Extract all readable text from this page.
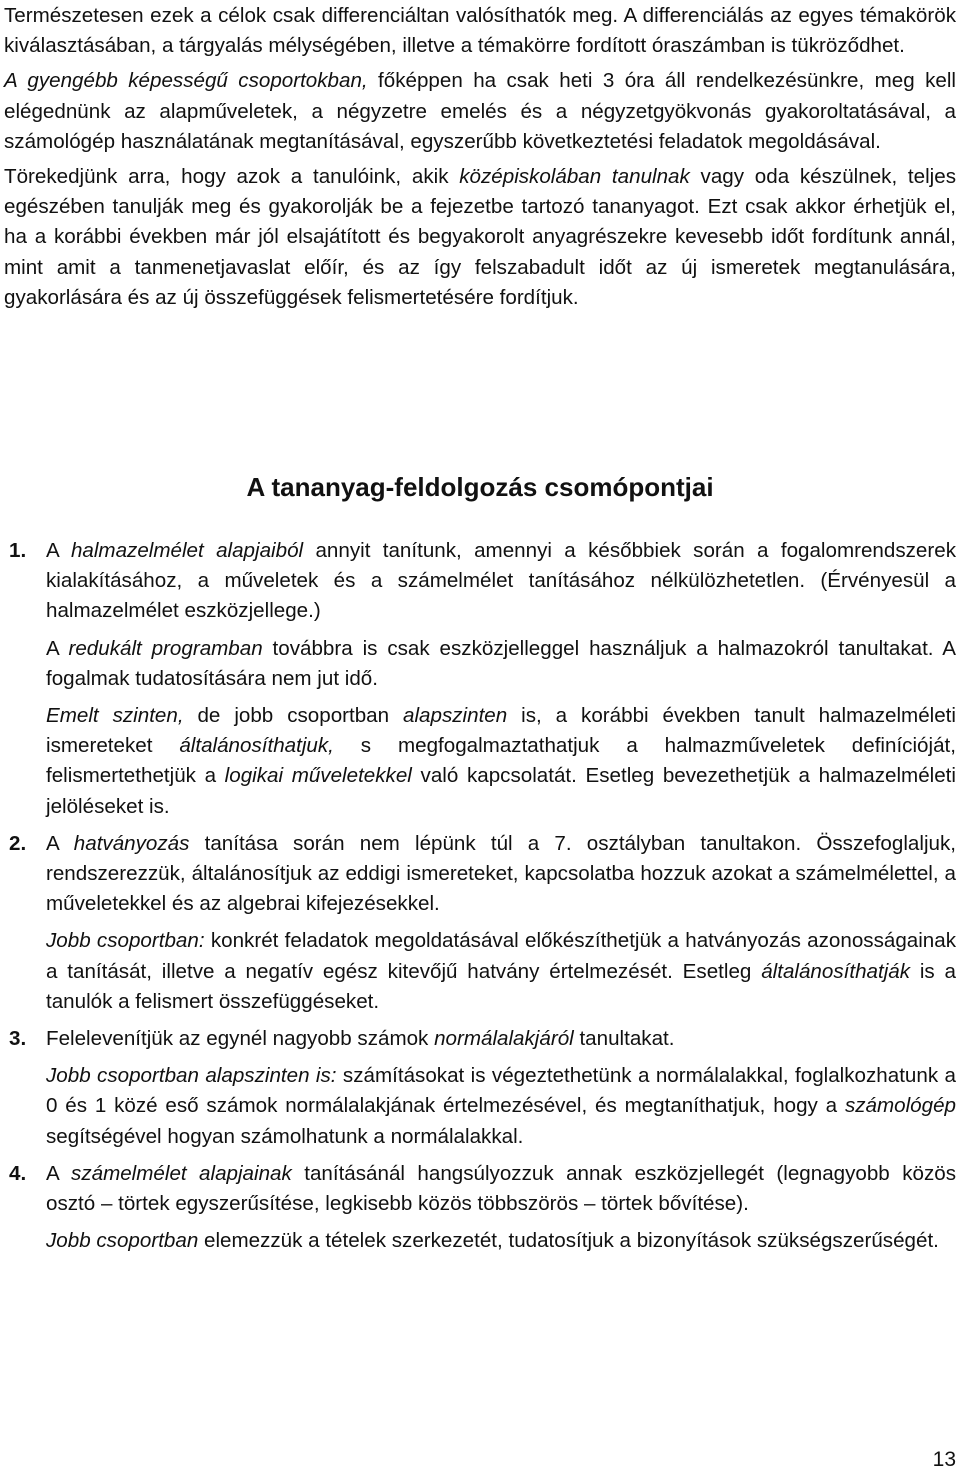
Természetesen ezek a célok csak differenciáltan valósíthatók meg. A differenciálás az egyes témakörök kiválasztásában, a tárgyalás mélységében, illetve a témakörre fordított óraszámban is tükröződhet.

A gyengébb képességű csoportokban, főképpen ha csak heti 3 óra áll rendelkezésünkre, meg kell elégednünk az alapműveletek, a négyzetre emelés és a négyzetgyökvonás gyakoroltatásával, a számológép használatának megtanításával, egyszerűbb következtetési feladatok megoldásával.

Törekedjünk arra, hogy azok a tanulóink, akik középiskolában tanulnak vagy oda készülnek, teljes egészében tanulják meg és gyakorolják be a fejezetbe tartozó tananyagot. Ezt csak akkor érhetjük el, ha a korábbi években már jól elsajátított és begyakorolt anyagrészekre kevesebb időt fordítunk annál, mint amit a tanmenetjavaslat előír, és az így felszabadult időt az új ismeretek megtanulására, gyakorlására és az új összefüggések felismertetésére fordítjuk.

A tananyag-feldolgozás csomópontjai
1. A halmazelmélet alapjaiból annyit tanítunk, amennyi a későbbiek során a fogalomrendszerek kialakításához, a műveletek és a számelmélet tanításához nélkülözhetetlen. (Érvényesül a halmazelmélet eszközjellege.)

A redukált programban továbbra is csak eszközjelleggel használjuk a halmazokról tanultakat. A fogalmak tudatosítására nem jut idő.

Emelt szinten, de jobb csoportban alapszinten is, a korábbi években tanult halmazelméleti ismereteket általánosíthatjuk, s megfogalmaztathatjuk a halmazműveletek definícióját, felismertethetjük a logikai műveletekkel való kapcsolatát. Esetleg bevezethetjük a halmazelméleti jelöléseket is.

2. A hatványozás tanítása során nem lépünk túl a 7. osztályban tanultakon. Összefoglaljuk, rendszerezzük, általánosítjuk az eddigi ismereteket, kapcsolatba hozzuk azokat a számelmélettel, a műveletekkel és az algebrai kifejezésekkel.

Jobb csoportban: konkrét feladatok megoldatásával előkészíthetjük a hatványozás azonosságainak a tanítását, illetve a negatív egész kitevőjű hatvány értelmezését. Esetleg általánosíthatják is a tanulók a felismert összefüggéseket.

3. Felelevenítjük az egynél nagyobb számok normálalakjáról tanultakat.

Jobb csoportban alapszinten is: számításokat is végeztethetünk a normálalakkal, foglalkozhatunk a 0 és 1 közé eső számok normálalakjának értelmezésével, és megtaníthatjuk, hogy a számológép segítségével hogyan számolhatunk a normálalakkal.

4. A számelmélet alapjainak tanításánál hangsúlyozzuk annak eszközjellegét (legnagyobb közös osztó – törtek egyszerűsítése, legkisebb közös többszörös – törtek bővítése).

Jobb csoportban elemezzük a tételek szerkezetét, tudatosítjuk a bizonyítások szükségszerűségét.

13
